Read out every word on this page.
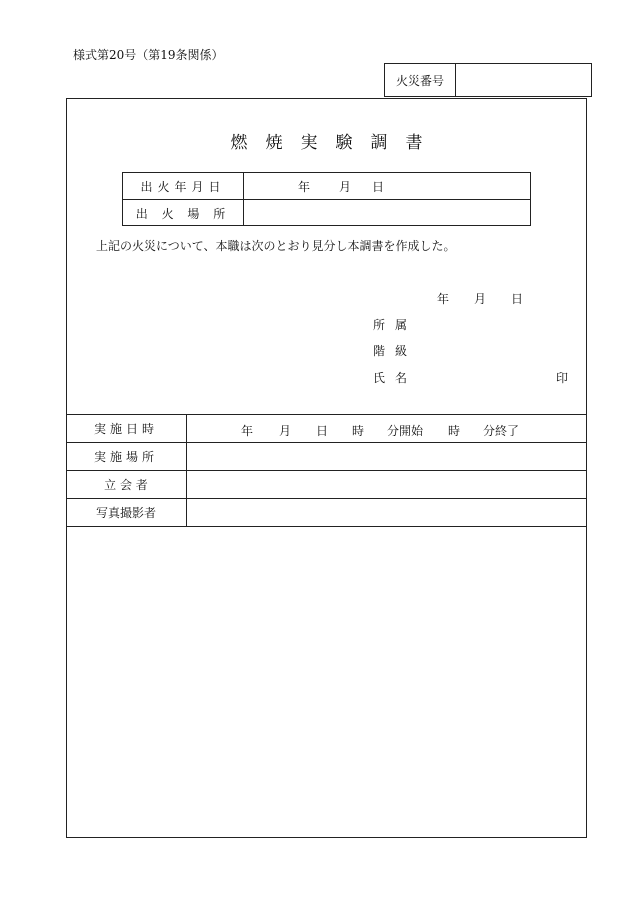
様式第20号（第19条関係）
火災番号
燃焼実験調書
出火年月日	年 月 日
出 火 場 所
上記の火災について、本職は次のとおり見分し本調書を作成した。
年 月 日
所属
階級
氏名	印
実施日時	年 月 日 時 分開始 時 分終了
実施場所
立 会 者
写真撮影者
